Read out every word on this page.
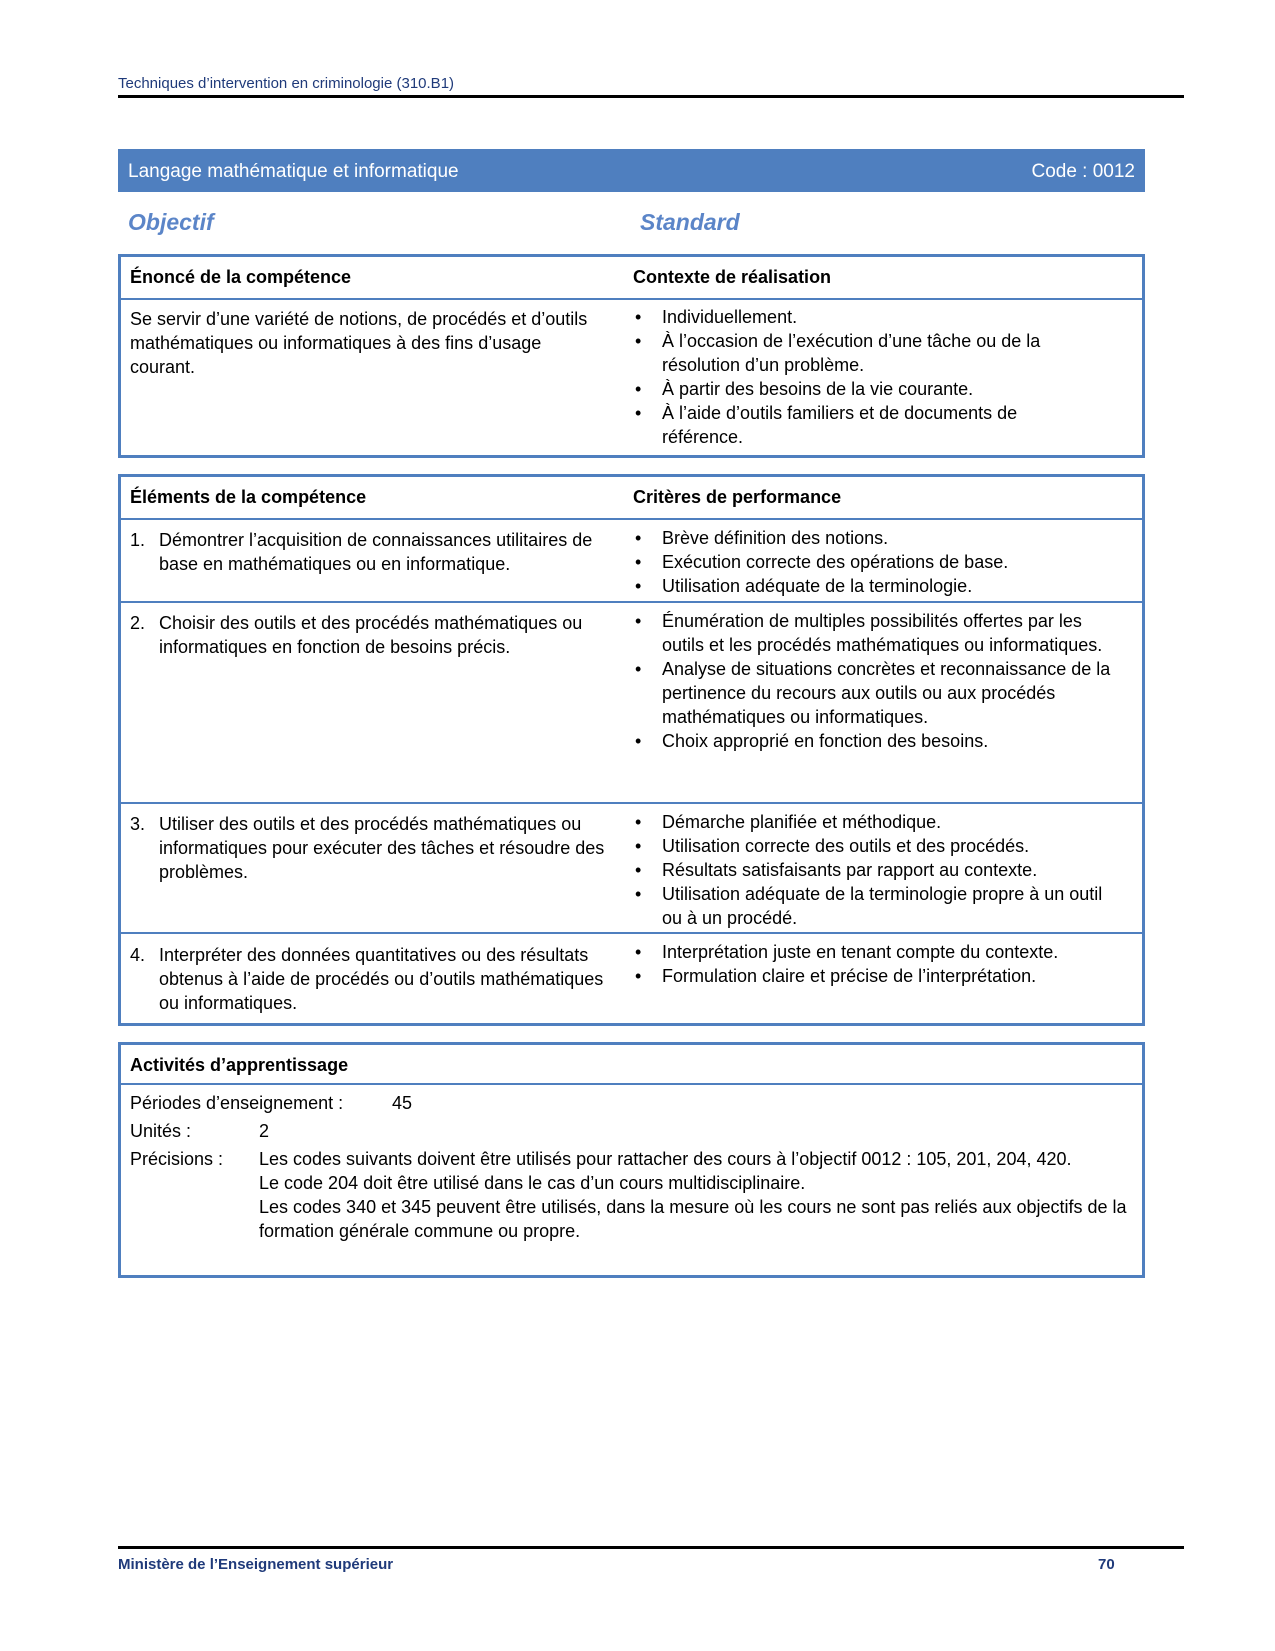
Techniques d’intervention en criminologie (310.B1)
Langage mathématique et informatique	Code : 0012
Objectif	Standard
Énoncé de la compétence	Contexte de réalisation
Se servir d’une variété de notions, de procédés et d’outils mathématiques ou informatiques à des fins d’usage courant.
• Individuellement.
• À l’occasion de l’exécution d’une tâche ou de la résolution d’un problème.
• À partir des besoins de la vie courante.
• À l’aide d’outils familiers et de documents de référence.
Éléments de la compétence	Critères de performance
1. Démontrer l’acquisition de connaissances utilitaires de base en mathématiques ou en informatique.
• Brève définition des notions.
• Exécution correcte des opérations de base.
• Utilisation adéquate de la terminologie.
2. Choisir des outils et des procédés mathématiques ou informatiques en fonction de besoins précis.
• Énumération de multiples possibilités offertes par les outils et les procédés mathématiques ou informatiques.
• Analyse de situations concrètes et reconnaissance de la pertinence du recours aux outils ou aux procédés mathématiques ou informatiques.
• Choix approprié en fonction des besoins.
3. Utiliser des outils et des procédés mathématiques ou informatiques pour exécuter des tâches et résoudre des problèmes.
• Démarche planifiée et méthodique.
• Utilisation correcte des outils et des procédés.
• Résultats satisfaisants par rapport au contexte.
• Utilisation adéquate de la terminologie propre à un outil ou à un procédé.
4. Interpréter des données quantitatives ou des résultats obtenus à l’aide de procédés ou d’outils mathématiques ou informatiques.
• Interprétation juste en tenant compte du contexte.
• Formulation claire et précise de l’interprétation.
Activités d’apprentissage
Périodes d’enseignement :	45
Unités :	2
Précisions : Les codes suivants doivent être utilisés pour rattacher des cours à l’objectif 0012 : 105, 201, 204, 420.
Le code 204 doit être utilisé dans le cas d’un cours multidisciplinaire.
Les codes 340 et 345 peuvent être utilisés, dans la mesure où les cours ne sont pas reliés aux objectifs de la formation générale commune ou propre.
Ministère de l’Enseignement supérieur	70
